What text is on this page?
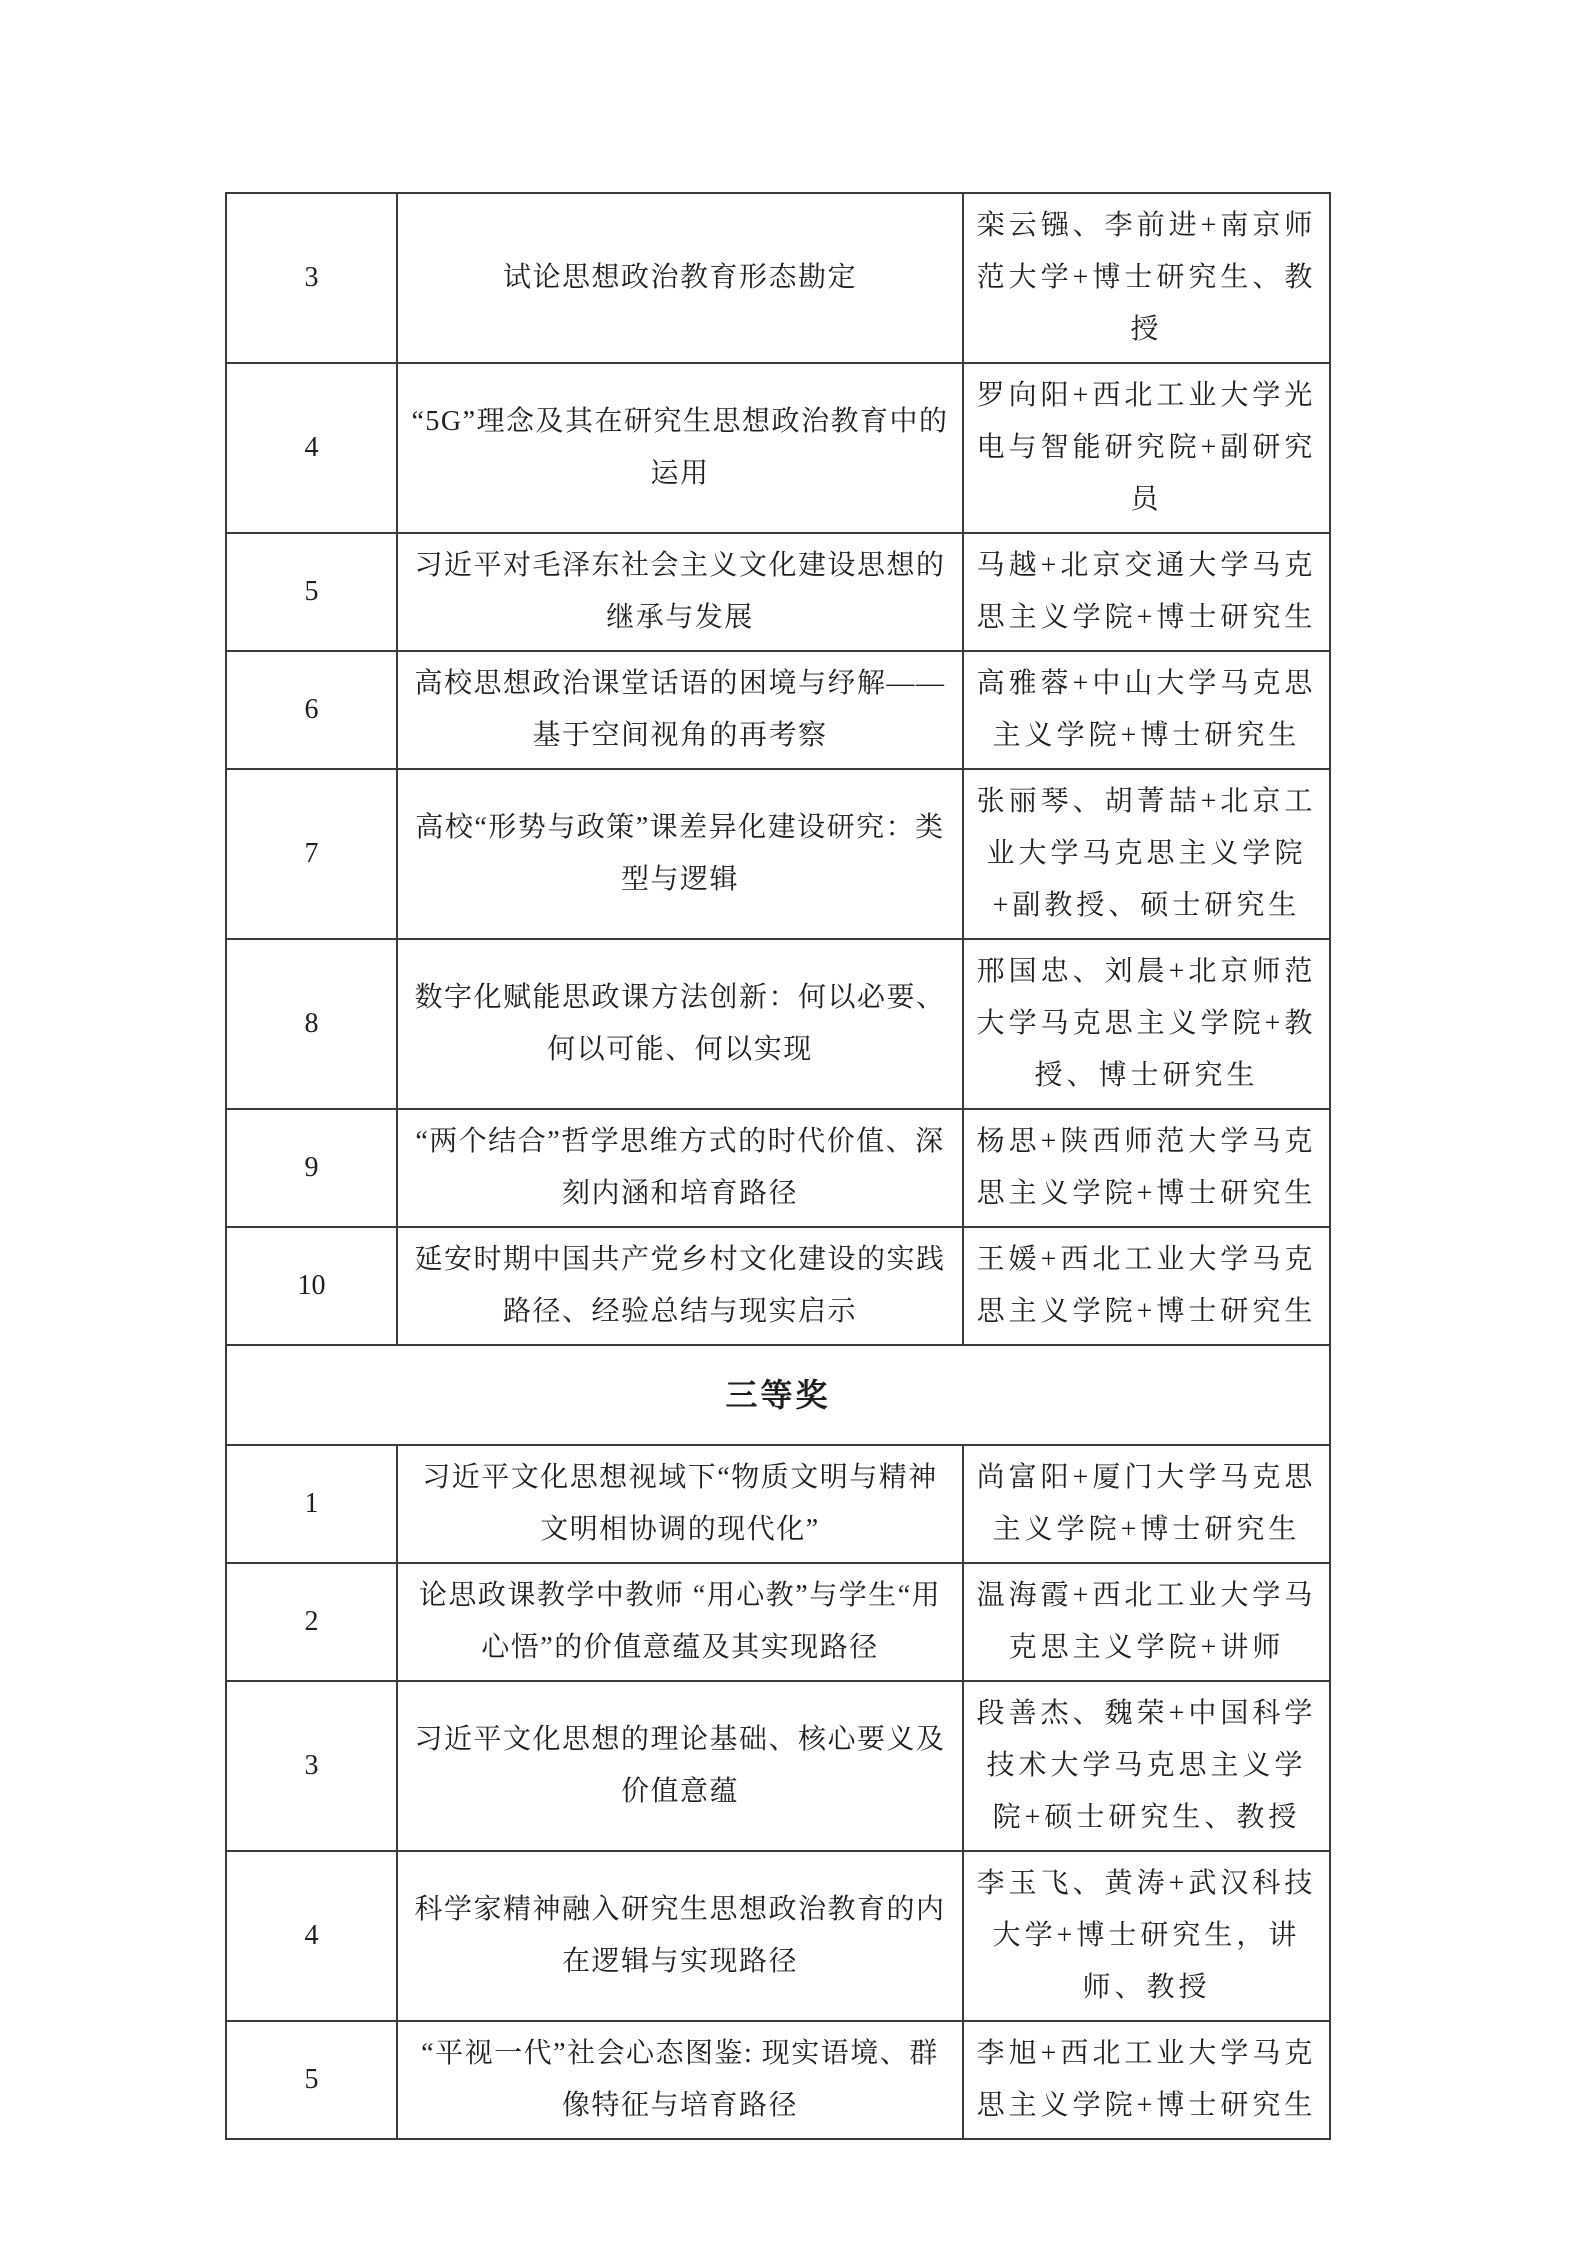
3	试论思想政治教育形态勘定	栾云镪、李前进+南京师范大学+博士研究生、教授
4	“5G”理念及其在研究生思想政治教育中的运用	罗向阳+西北工业大学光电与智能研究院+副研究员
5	习近平对毛泽东社会主义文化建设思想的继承与发展	马越+北京交通大学马克思主义学院+博士研究生
6	高校思想政治课堂话语的困境与纾解——基于空间视角的再考察	高雅蓉+中山大学马克思主义学院+博士研究生
7	高校“形势与政策”课差异化建设研究：类型与逻辑	张丽琴、胡菁喆+北京工业大学马克思主义学院+副教授、硕士研究生
8	数字化赋能思政课方法创新：何以必要、何以可能、何以实现	邢国忠、刘晨+北京师范大学马克思主义学院+教授、博士研究生
9	“两个结合”哲学思维方式的时代价值、深刻内涵和培育路径	杨思+陕西师范大学马克思主义学院+博士研究生
10	延安时期中国共产党乡村文化建设的实践路径、经验总结与现实启示	王媛+西北工业大学马克思主义学院+博士研究生
三等奖		
1	习近平文化思想视域下“物质文明与精神文明相协调的现代化”	尚富阳+厦门大学马克思主义学院+博士研究生
2	论思政课教学中教师 “用心教”与学生“用心悟”的价值意蕴及其实现路径	温海霞+西北工业大学马克思主义学院+讲师
3	习近平文化思想的理论基础、核心要义及价值意蕴	段善杰、魏荣+中国科学技术大学马克思主义学院+硕士研究生、教授
4	科学家精神融入研究生思想政治教育的内在逻辑与实现路径	李玉飞、黄涛+武汉科技大学+博士研究生，讲师、教授
5	“平视一代”社会心态图鉴: 现实语境、群像特征与培育路径	李旭+西北工业大学马克思主义学院+博士研究生
